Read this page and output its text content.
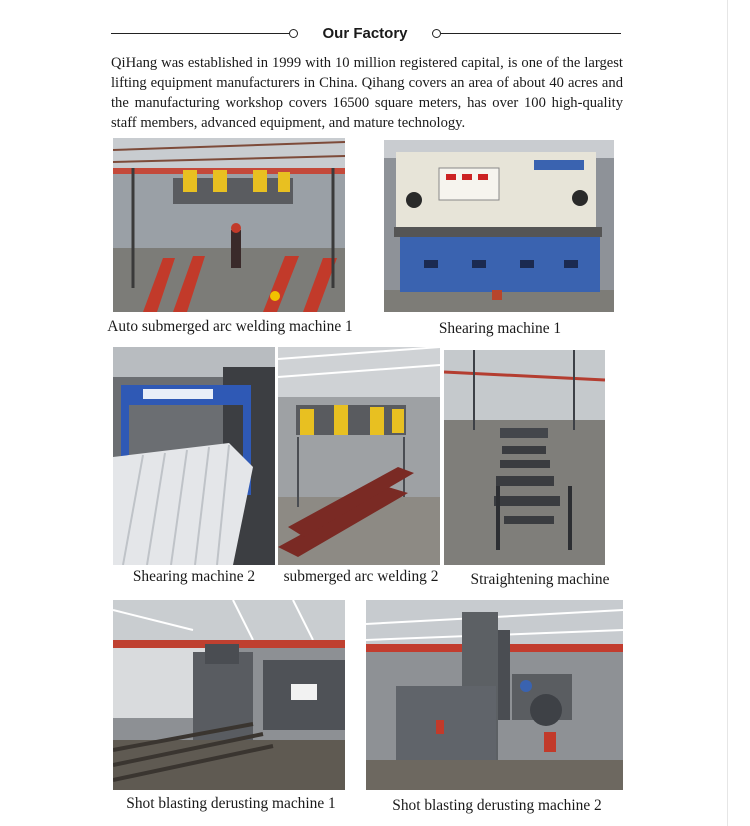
Our Factory

QiHang was established in 1999 with 10 million registered capital, is one of the largest lifting equipment manufacturers in China. Qihang covers an area of about 40 acres and the manufacturing workshop covers 16500 square meters, has over 100 high-quality staff members, advanced equipment, and mature technology.

Auto submerged arc welding machine 1	Shearing machine 1
Shearing machine 2	submerged arc welding 2	Straightening machine
Shot blasting derusting machine 1	Shot blasting derusting machine 2
